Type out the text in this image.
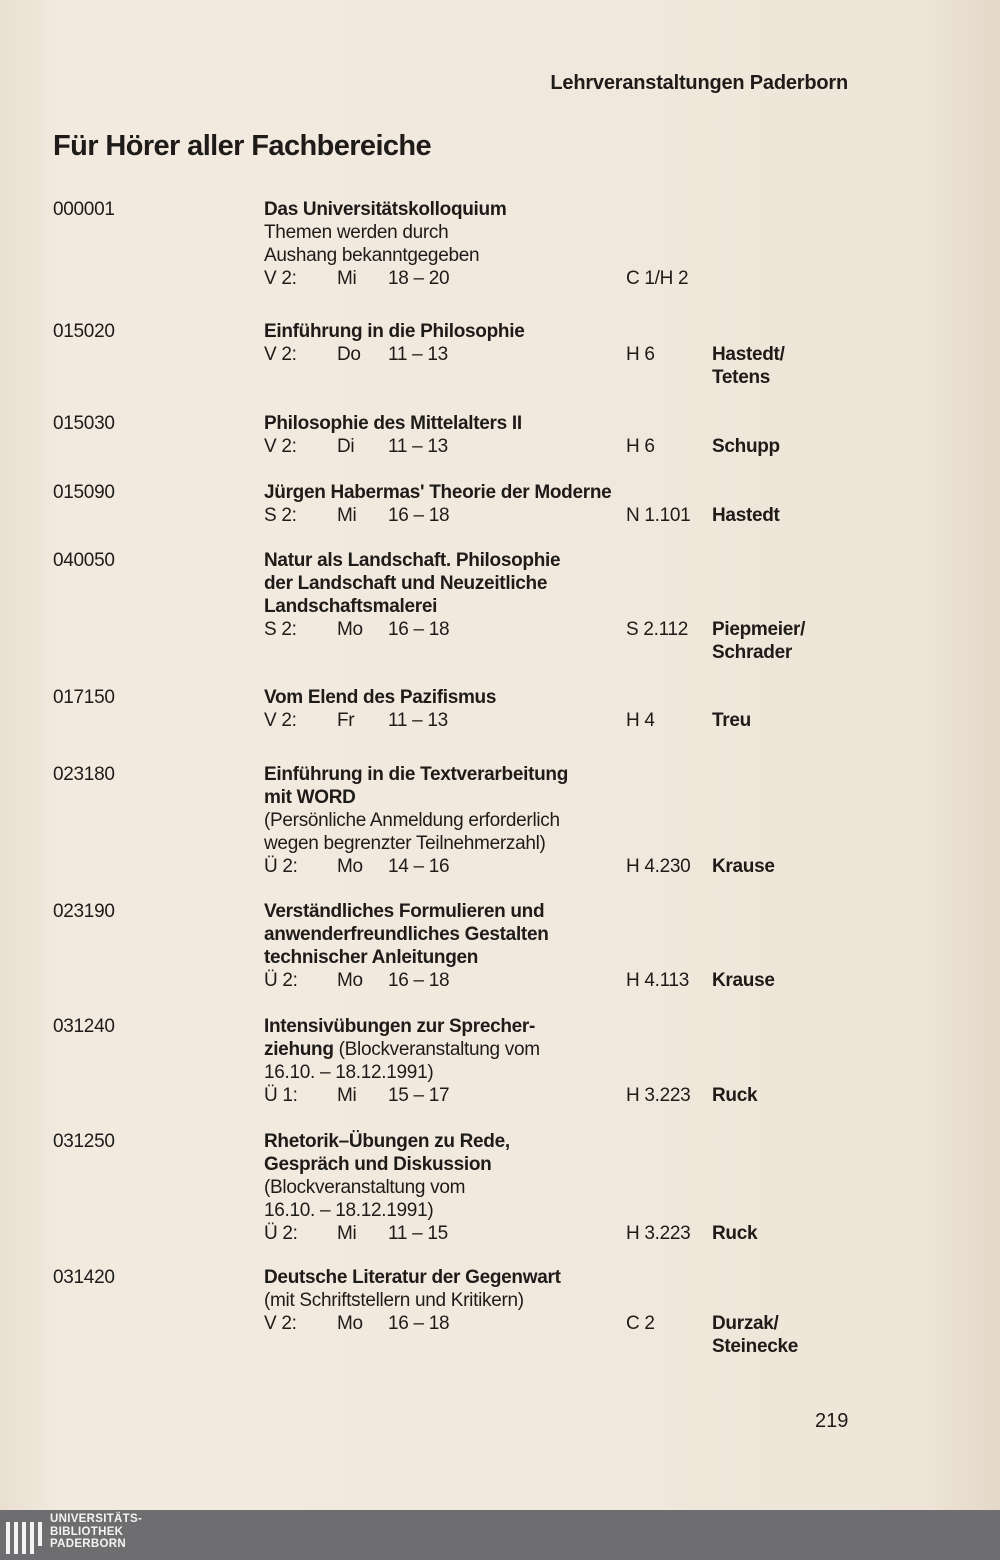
Lehrveranstaltungen Paderborn
Für Hörer aller Fachbereiche
000001	Das Universitätskolloquium
Themen werden durch
Aushang bekanntgegeben
V 2: Mi 18 – 20	C 1/H 2
015020	Einführung in die Philosophie
V 2: Do 11 – 13	H 6	Hastedt/
Tetens
015030	Philosophie des Mittelalters II
V 2: Di 11 – 13	H 6	Schupp
015090	Jürgen Habermas' Theorie der Moderne
S 2: Mi 16 – 18	N 1.101 Hastedt
040050	Natur als Landschaft. Philosophie
der Landschaft und Neuzeitliche
Landschaftsmalerei
S 2: Mo 16 – 18	S 2.112 Piepmeier/
Schrader
017150	Vom Elend des Pazifismus
V 2: Fr 11 – 13	H 4	Treu
023180	Einführung in die Textverarbeitung
mit WORD
(Persönliche Anmeldung erforderlich
wegen begrenzter Teilnehmerzahl)
Ü 2: Mo 14 – 16	H 4.230 Krause
023190	Verständliches Formulieren und
anwenderfreundliches Gestalten
technischer Anleitungen
Ü 2: Mo 16 – 18	H 4.113 Krause
031240	Intensivübungen zur Sprecher-
ziehung (Blockveranstaltung vom
16.10. – 18.12.1991)
Ü 1: Mi 15 – 17	H 3.223 Ruck
031250	Rhetorik–Übungen zu Rede,
Gespräch und Diskussion
(Blockveranstaltung vom
16.10. – 18.12.1991)
Ü 2: Mi 11 – 15	H 3.223 Ruck
031420	Deutsche Literatur der Gegenwart
(mit Schriftstellern und Kritikern)
V 2: Mo 16 – 18	C 2	Durzak/
Steinecke
219
UNIVERSITÄTS-
BIBLIOTHEK
PADERBORN
